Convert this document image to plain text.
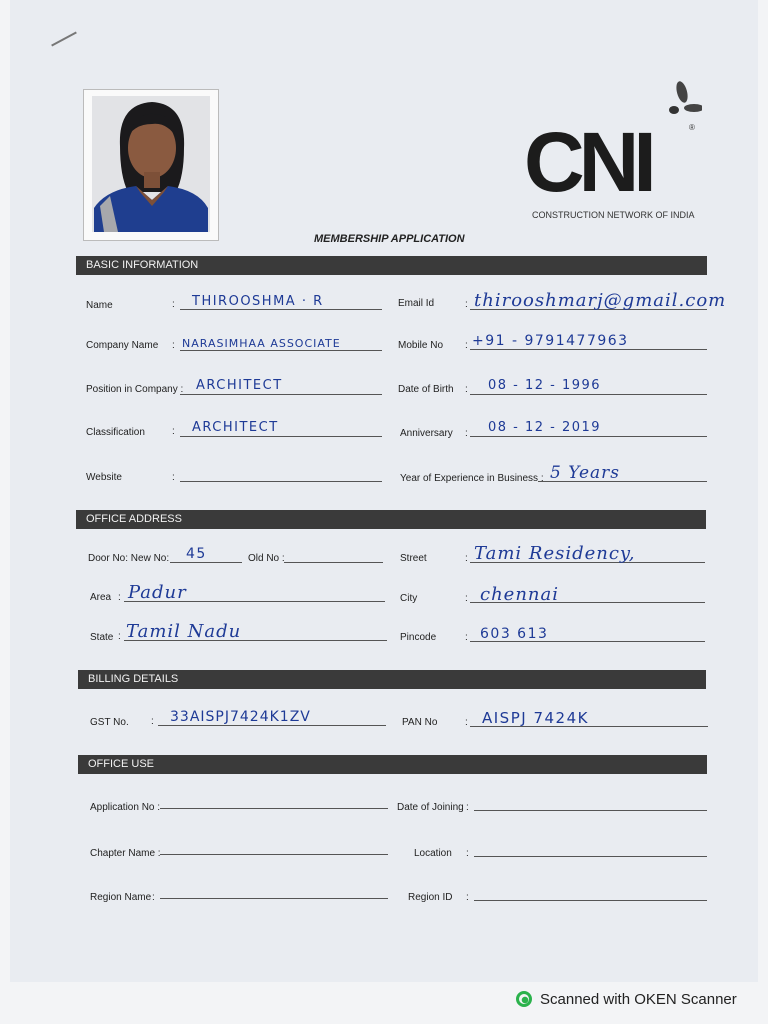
CNI	®
CONSTRUCTION NETWORK OF INDIA
MEMBERSHIP APPLICATION
BASIC INFORMATION
Name	: THIROOSHMA · R	Email Id	: thirooshmarj@gmail.com
Company Name : NARASIMHAA ASSOCIATE	Mobile No : +91 - 9791477963
Position in Company : ARCHITECT	Date of Birth : 08 - 12 - 1996
Classification	: ARCHITECT	Anniversary : 08 - 12 - 2019
Website	:	Year of Experience in Business : 5 Years
OFFICE ADDRESS
Door No: New No: 45	Old No :	Street	: Tami Residency,
Area : Padur	City	: chennai
State : Tamil Nadu	Pincode	: 603 613
BILLING DETAILS
GST No. : 33AISPJ7424K1ZV	PAN No	: AISPJ 7424K
OFFICE USE
Application No :	Date of Joining :
Chapter Name :	Location :
Region Name :	Region ID :
Scanned with OKEN Scanner
